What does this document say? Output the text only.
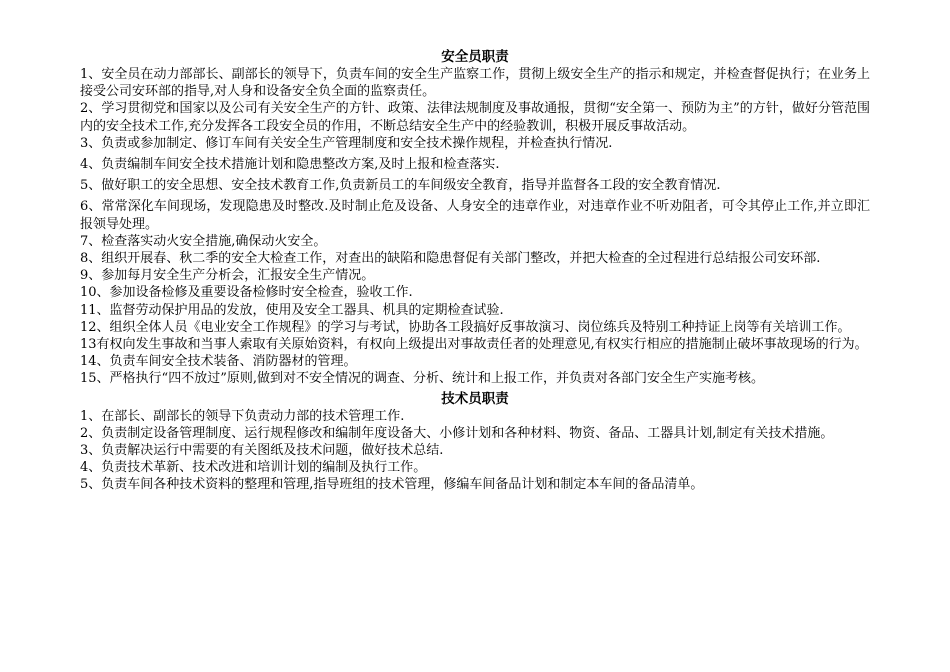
安全员职责

1、安全员在动力部部长、副部长的领导下，负责车间的安全生产监察工作，贯彻上级安全生产的指示和规定，并检查督促执行；在业务上接受公司安环部的指导,对人身和设备安全负全面的监察责任。

2、学习贯彻党和国家以及公司有关安全生产的方针、政策、法律法规制度及事故通报，贯彻“安全第一、预防为主”的方针，做好分管范围内的安全技术工作,充分发挥各工段安全员的作用，不断总结安全生产中的经验教训，积极开展反事故活动。

3、负责或参加制定、修订车间有关安全生产管理制度和安全技术操作规程，并检查执行情况.

4、负责编制车间安全技术措施计划和隐患整改方案,及时上报和检查落实.

5、做好职工的安全思想、安全技术教育工作,负责新员工的车间级安全教育，指导并监督各工段的安全教育情况.

6、常常深化车间现场，发现隐患及时整改.及时制止危及设备、人身安全的违章作业，对违章作业不听劝阻者，可令其停止工作,并立即汇报领导处理。

7、检查落实动火安全措施,确保动火安全。

8、组织开展春、秋二季的安全大检查工作，对查出的缺陷和隐患督促有关部门整改，并把大检查的全过程进行总结报公司安环部.

9、参加每月安全生产分析会，汇报安全生产情况。

10、参加设备检修及重要设备检修时安全检查，验收工作.

11、监督劳动保护用品的发放，使用及安全工器具、机具的定期检查试验.

12、组织全体人员《电业安全工作规程》的学习与考试，协助各工段搞好反事故演习、岗位练兵及特别工种持证上岗等有关培训工作。

13有权向发生事故和当事人索取有关原始资料，有权向上级提出对事故责任者的处理意见,有权实行相应的措施制止破坏事故现场的行为。

14、负责车间安全技术装备、消防器材的管理。

15、严格执行“四不放过”原则,做到对不安全情况的调查、分析、统计和上报工作，并负责对各部门安全生产实施考核。

技术员职责

1、在部长、副部长的领导下负责动力部的技术管理工作.

2、负责制定设备管理制度、运行规程修改和编制年度设备大、小修计划和各种材料、物资、备品、工器具计划,制定有关技术措施。

3、负责解决运行中需要的有关图纸及技术问题，做好技术总结.

4、负责技术革新、技术改进和培训计划的编制及执行工作。

5、负责车间各种技术资料的整理和管理,指导班组的技术管理，修编车间备品计划和制定本车间的备品清单。
